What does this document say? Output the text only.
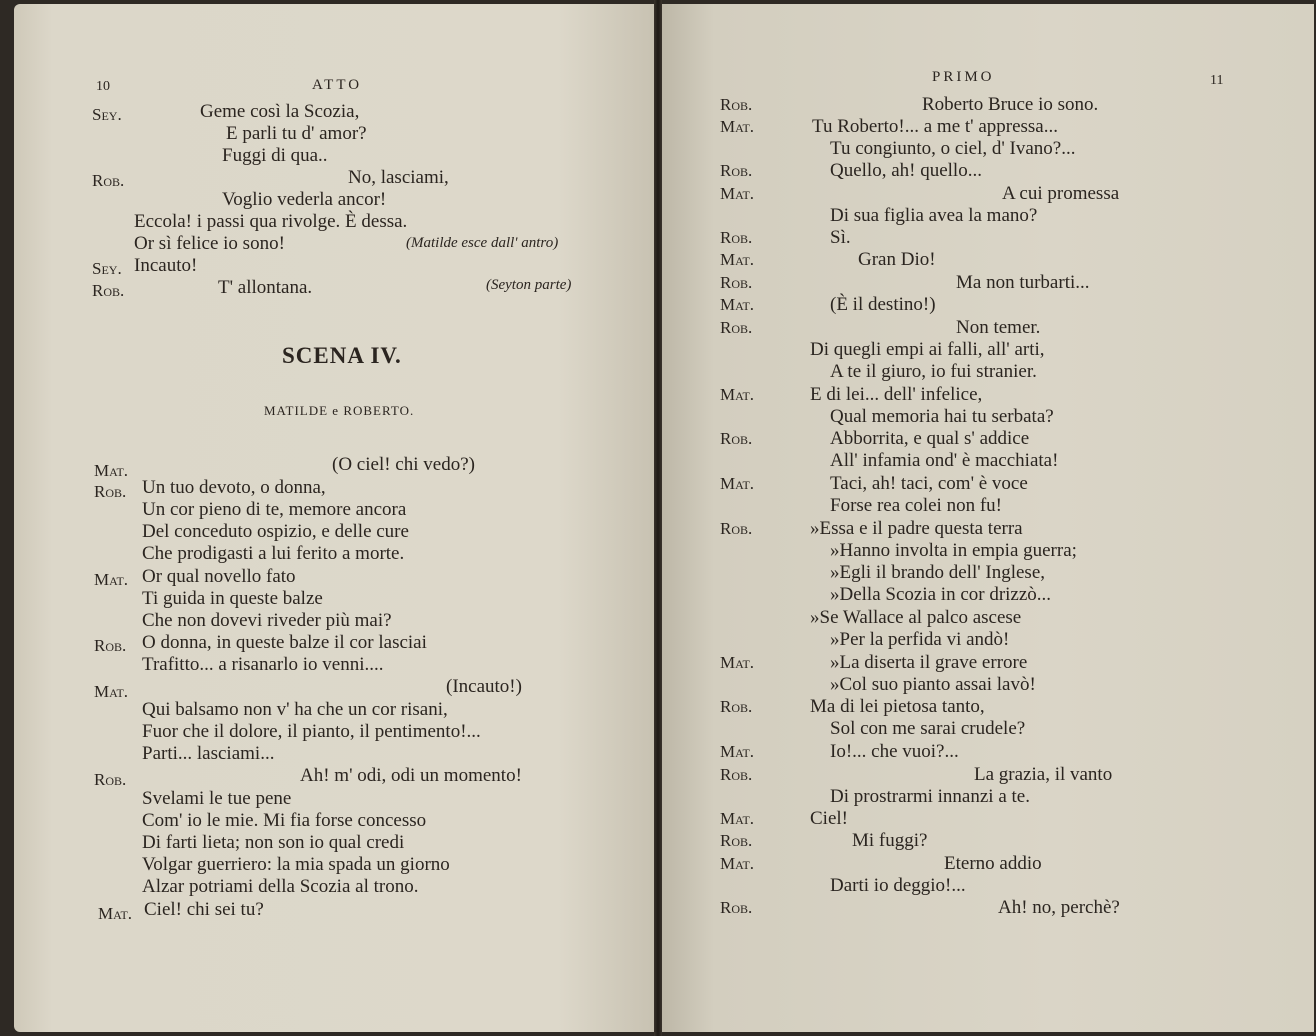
10	ATTO
Sey.	Geme così la Scozia,
E parli tu d' amor?
Fuggi di qua..
Rob.	No, lasciami,
Voglio vederla ancor!
Eccola! i passi qua rivolge. È dessa.
Or sì felice io sono!	(Matilde esce dall' antro)
Sey. Incauto!
Rob.	T' allontana.	(Seyton parte)
SCENA IV.
MATILDE e ROBERTO.
Mat.	(O ciel! chi vedo?)
Rob. Un tuo devoto, o donna,
Un cor pieno di te, memore ancora
Del conceduto ospizio, e delle cure
Che prodigasti a lui ferito a morte.
Mat. Or qual novello fato
Ti guida in queste balze
Che non dovevi riveder più mai?
Rob. O donna, in queste balze il cor lasciai
Trafitto... a risanarlo io venni....
Mat.	(Incauto!)
Qui balsamo non v' ha che un cor risani,
Fuor che il dolore, il pianto, il pentimento!...
Parti... lasciami...
Rob.	Ah! m' odi, odi un momento!
Svelami le tue pene
Com' io le mie. Mi fia forse concesso
Di farti lieta; non son io qual credi
Volgar guerriero: la mia spada un giorno
Alzar potriami della Scozia al trono.
Mat. Ciel! chi sei tu?
PRIMO	11
Rob.	Roberto Bruce io sono.
Mat.	Tu Roberto!... a me t' appressa...
Tu congiunto, o ciel, d' Ivano?...
Rob.	Quello, ah! quello...
Mat.	A cui promessa
Di sua figlia avea la mano?
Rob.	Sì.
Mat.	Gran Dio!
Rob.	Ma non turbarti...
Mat.	(È il destino!)
Rob.	Non temer.
Di quegli empi ai falli, all' arti,
A te il giuro, io fui stranier.
Mat.	E di lei... dell' infelice,
Qual memoria hai tu serbata?
Rob.	Abborrita, e qual s' addice
All' infamia ond' è macchiata!
Mat.	Taci, ah! taci, com' è voce
Forse rea colei non fu!
Rob.	»Essa e il padre questa terra
»Hanno involta in empia guerra;
»Egli il brando dell' Inglese,
»Della Scozia in cor drizzò...
»Se Wallace al palco ascese
»Per la perfida vi andò!
Mat.	»La diserta il grave errore
»Col suo pianto assai lavò!
Rob.	Ma di lei pietosa tanto,
Sol con me sarai crudele?
Mat.	Io!... che vuoi?...
Rob.	La grazia, il vanto
Di prostrarmi innanzi a te.
Mat.	Ciel!
Rob.	Mi fuggi?
Mat.	Eterno addio
Darti io deggio!...
Rob.	Ah! no, perchè?
